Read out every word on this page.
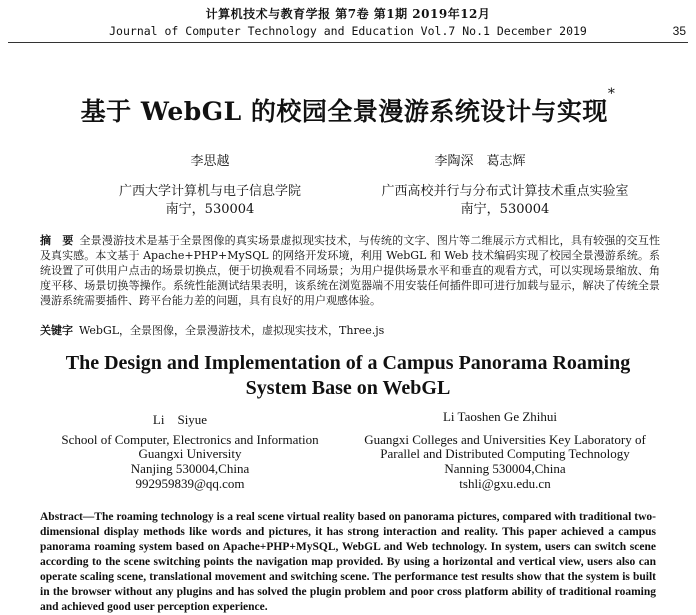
计算机技术与教育学报 第7卷 第1期 2019年12月
Journal of Computer Technology and Education Vol.7 No.1 December 2019	35
基于 WebGL 的校园全景漫游系统设计与实现*
李思越	李陶深　葛志辉
广西大学计算机与电子信息学院
南宁，530004
广西高校并行与分布式计算技术重点实验室
南宁，530004
摘　要 全景漫游技术是基于全景图像的真实场景虚拟现实技术，与传统的文字、图片等二维展示方式相比，具有较强的交互性及真实感。本文基于 Apache+PHP+MySQL 的网络开发环境，利用 WebGL 和 Web 技术编码实现了校园全景漫游系统。系统设置了可供用户点击的场景切换点，便于切换观看不同场景；为用户提供场景水平和垂直的观看方式，可以实现场景缩放、角度平移、场景切换等操作。系统性能测试结果表明，该系统在浏览器端不用安装任何插件即可进行加载与显示，解决了传统全景漫游系统需要插件、跨平台能力差的问题，具有良好的用户观感体验。
关键字 WebGL，全景图像，全景漫游技术，虚拟现实技术，Three.js
The Design and Implementation of a Campus Panorama Roaming
System Base on WebGL
Li　Siyue	Li Taoshen Ge Zhihui
School of Computer, Electronics and Information
Guangxi University
Nanjing 530004,China
992959839@qq.com
Guangxi Colleges and Universities Key Laboratory of
Parallel and Distributed Computing Technology
Nanning 530004,China
tshli@gxu.edu.cn
Abstract—The roaming technology is a real scene virtual reality based on panorama pictures, compared with traditional two-dimensional display methods like words and pictures, it has strong interaction and reality. This paper achieved a campus panorama roaming system based on Apache+PHP+MySQL, WebGL and Web technology. In system, users can switch scene according to the scene switching points the navigation map provided. By using a horizontal and vertical view, users also can operate scaling scene, translational movement and switching scene. The performance test results show that the system is built in the browser without any plugins and has solved the plugin problem and poor cross platform ability of traditional roaming and achieved good user perception experience.
